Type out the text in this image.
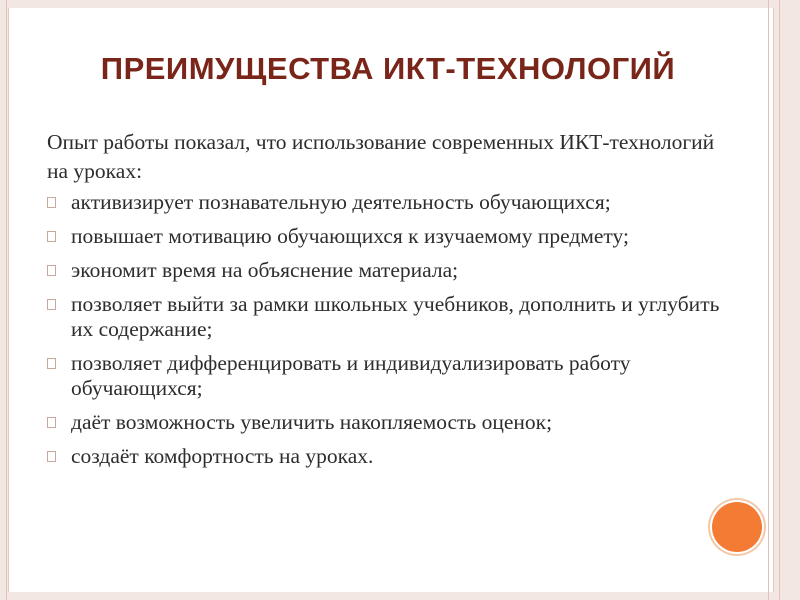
ПРЕИМУЩЕСТВА ИКТ-ТЕХНОЛОГИЙ

Опыт работы показал, что использование современных ИКТ-технологий на уроках:

активизирует познавательную деятельность обучающихся;
повышает мотивацию обучающихся к изучаемому предмету;
экономит время на объяснение материала;
позволяет выйти за рамки школьных учебников, дополнить и углубить их содержание;
позволяет дифференцировать и индивидуализировать работу обучающихся;
даёт возможность увеличить накопляемость оценок;
создаёт комфортность на уроках.
